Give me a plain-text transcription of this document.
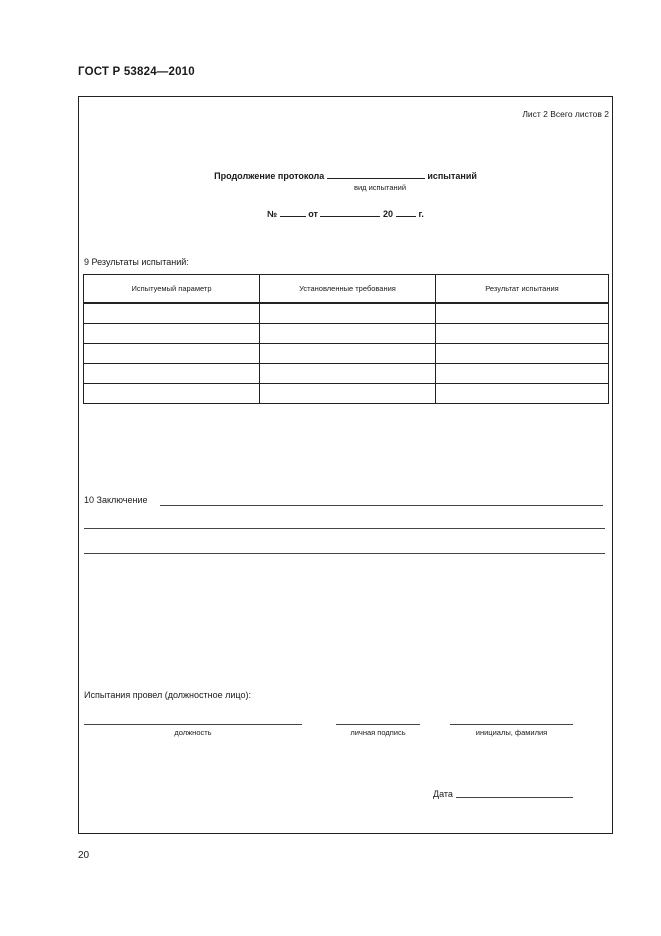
ГОСТ Р 53824—2010
Лист 2 Всего листов 2
Продолжение протокола	испытаний
вид испытаний
№	от	20	г.
9 Результаты испытаний:
Испытуемый параметр	Установленные требования	Результат испытания

10 Заключение
Испытания провел (должностное лицо):
должность	личная подпись	инициалы, фамилия
Дата
20
